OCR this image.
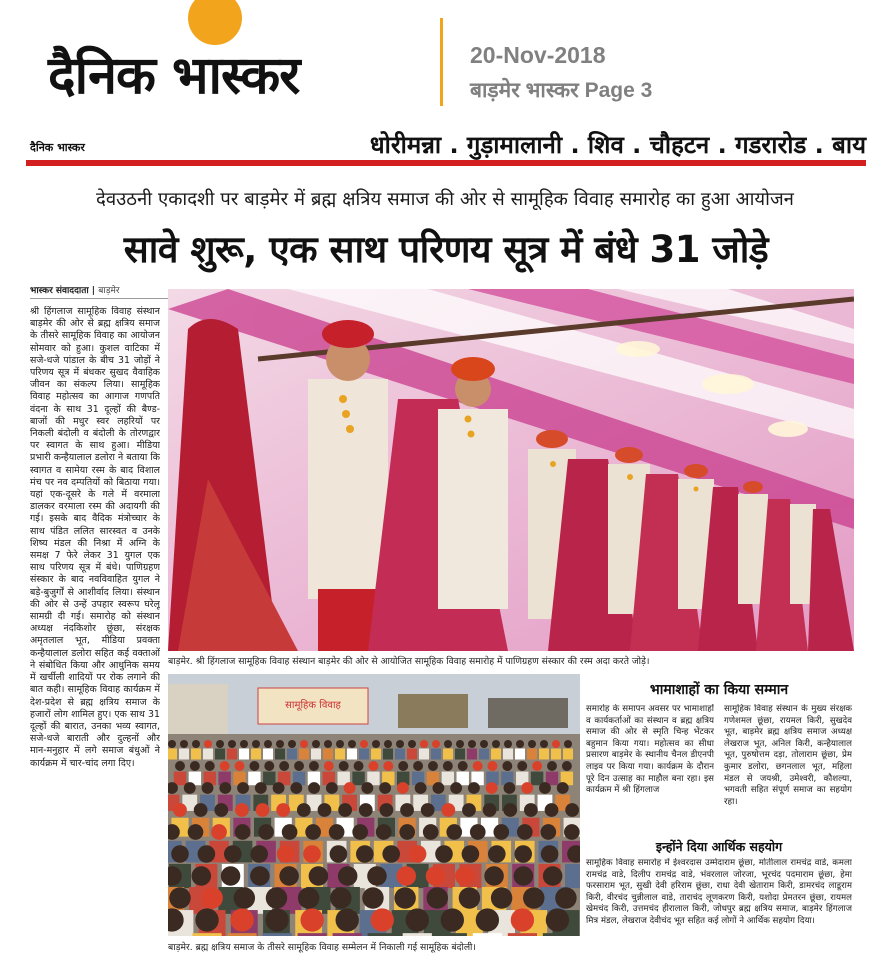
दैनिक भास्कर	20-Nov-2018
बाड़मेर भास्कर Page 3
दैनिक भास्कर	धोरीमन्ना . गुड़ामालानी . शिव . चौहटन . गडरारोड . बाय
देवउठनी एकादशी पर बाड़मेर में ब्रह्म क्षत्रिय समाज की ओर से सामूहिक विवाह समारोह का हुआ आयोजन
सावे शुरू, एक साथ परिणय सूत्र में बंधे 31 जोड़े
भास्कर संवाददाता | बाड़मेर
श्री हिंगलाज सामूहिक विवाह संस्थान बाड़मेर की ओर से ब्रह्म क्षत्रिय समाज के तीसरे सामूहिक विवाह का आयोजन सोमवार को हुआ। कुशल वाटिका में सजे-धजे पांडाल के बीच 31 जोड़ों ने परिणय सूत्र में बंधकर सुखद वैवाहिक जीवन का संकल्प लिया। सामूहिक विवाह महोत्सव का आगाज गणपति वंदना के साथ 31 दूल्हों की बैण्ड-बाजों की मधुर स्वर लहरियों पर निकली बंदोली व बंदोली के तोरणद्वार पर स्वागत के साथ हुआ। मीडिया प्रभारी कन्हैयालाल डलोरा ने बताया कि स्वागत व सामेया रस्म के बाद विशाल मंच पर नव दम्पतियों को बिठाया गया। यहां एक-दूसरे के गले में वरमाला डालकर वरमाला रस्म की अदायगी की गई। इसके बाद वैदिक मंत्रोच्चार के साथ पंडित ललित सारस्वत व उनके शिष्य मंडल की निश्रा में अग्नि के समक्ष 7 फेरे लेकर 31 युगल एक साथ परिणय सूत्र में बंधे। पाणिग्रहण संस्कार के बाद नवविवाहित युगल ने बड़े-बुजुर्गों से आशीर्वाद लिया। संस्थान की ओर से उन्हें उपहार स्वरूप घरेलू सामग्री दी गई। समारोह को संस्थान अध्यक्ष नंदकिशोर छूंछा, संरक्षक अमृतलाल भूत, मीडिया प्रवक्ता कन्हैयालाल डलोरा सहित कई वक्ताओं ने संबोधित किया और आधुनिक समय में खर्चीली शादियों पर रोक लगाने की बात कही। सामूहिक विवाह कार्यक्रम में देश-प्रदेश से ब्रह्म क्षत्रिय समाज के हजारों लोग शामिल हुए। एक साथ 31 दूल्हों की बारात, उनका भव्य स्वागत, सजे-धजे बाराती और दुल्हनों और मान-मनुहार में लगे समाज बंधुओं ने कार्यक्रम में चार-चांद लगा दिए।
बाड़मेर. श्री हिंगलाज सामूहिक विवाह संस्थान बाड़मेर की ओर से आयोजित सामूहिक विवाह समारोह में पाणिग्रहण संस्कार की रस्म अदा करते जोड़े।
सामूहिक विवाह
बाड़मेर. ब्रह्म क्षत्रिय समाज के तीसरे सामूहिक विवाह सम्मेलन में निकाली गई सामूहिक बंदोली।
भामाशाहों का किया सम्मान
समारोह के समापन अवसर पर भामाशाहों व कार्यकर्ताओं का संस्थान व ब्रह्म क्षत्रिय समाज की ओर से स्मृति चिन्ह भेंटकर बहुमान किया गया। महोत्सव का सीधा प्रसारण बाड़मेर के स्थानीय चैनल डीएनपी लाइव पर किया गया। कार्यक्रम के दौरान पूरे दिन उत्साह का माहौल बना रहा। इस कार्यक्रम में श्री हिंगलाज
सामूहिक विवाह संस्थान के मुख्य संरक्षक गणेशमल छूंछा, रायमल किरी, सुखदेव भूत, बाड़मेर ब्रह्म क्षत्रिय समाज अध्यक्ष लेखराज भूत, अनिल किरी, कन्हैयालाल भूत, पुरुषोत्तम दड़ा, तोलाराम छूंछा, प्रेम कुमार डलोरा, छगनलाल भूत, महिला मंडल से जयश्री, उमेश्वरी, कौशल्या, भगवती सहित संपूर्ण समाज का सहयोग रहा।
इन्होंने दिया आर्थिक सहयोग
सामूहिक विवाह समारोह में ईश्वरदास उम्मेदाराम छूंछा, मोतीलाल रामचंद्र वाडे, कमला रामचंद्र वाडे, दिलीप रामचंद्र वाडे, भंवरलाल जोरजा, भूरचंद पदमाराम छूंछा, हेमा फरसाराम भूत, सुखी देवी हरिराम छूंछा, राधा देवी खेताराम किरी, डामरचंद लाडूराम किरी, वीरचंद चुन्नीलाल वाडे, ताराचंद लूणकरण किरी, यशोदा प्रेमतरन छूंछा, रायमल खेमचंद किरी, उत्तमचंद हीरालाल किरी, जोधपुर ब्रह्म क्षत्रिय समाज, बाड़मेर हिंगलाज मित्र मंडल, लेखराज देवीचंद भूत सहित कई लोगों ने आर्थिक सहयोग दिया।
